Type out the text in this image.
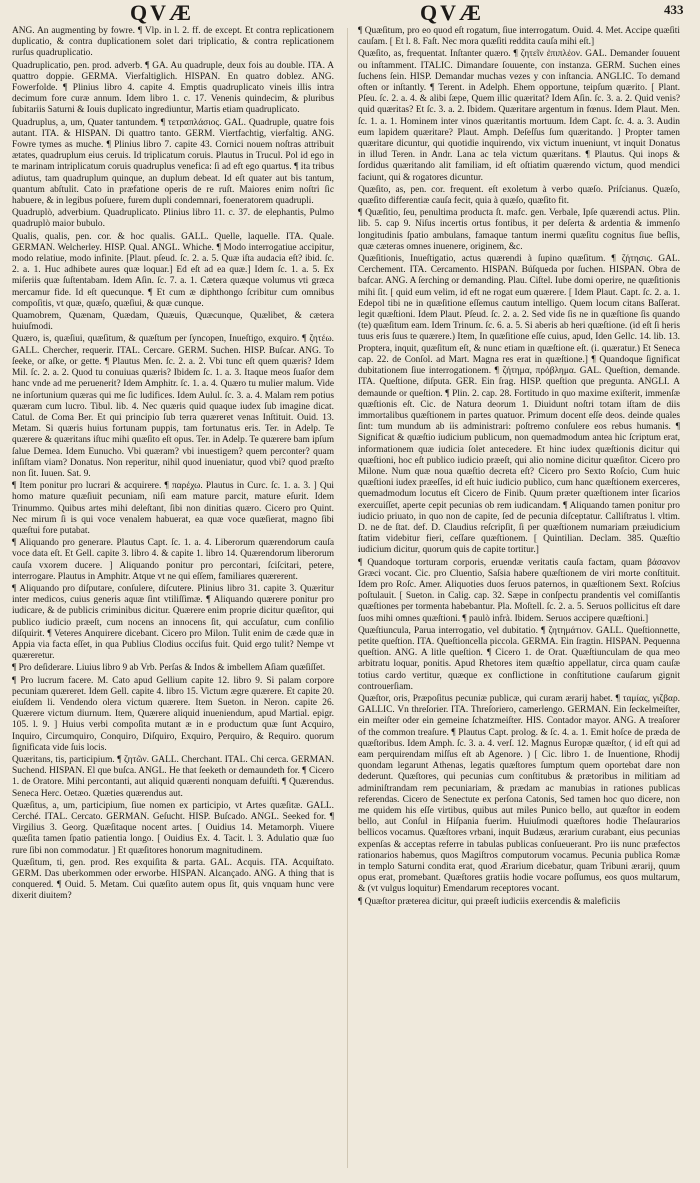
QVÆ	QVÆ	433

ANG. An augmenting by fowre. ¶ Vlp. in l. 2. ff. de except. Et contra replicationem duplicatio, & contra duplicationem solet dari triplicatio, & contra replicationem rurſus quadruplicatio.

Quadruplicatio, pen. prod. adverb. ¶ GA. Au quadruple, deux fois au double. ITA. A quattro doppie. GERMA. Vierfaltiglich. HISPAN. En quatro doblez. ANG. Fowerfolde. ¶ Plinius libro 4. capite 4. Emptis quadruplicato vineis illis intra decimum fore curæ annum. Idem libro 1. c. 17. Venenis quindecim, & pluribus ſubitariis Saturni & Iouis duplicato ingrediuntur, Martis etiam quadruplicato.

Quadruplus, a, um, Quater tantundem. ¶ τετραπλάσιος. GAL. Quadruple, quatre fois autant. ITA. & HISPAN. Di quattro tanto. GERM. Viertfachtig, vierfaltig. ANG. Fowre tymes as muche. ¶ Plinius libro 7. capite 43. Cornici nouem noſtras attribuit ætates, quadruplum eius ceruis. Id triplicatum coruis. Plautus in Trucul. Pol id ego in te marinam intriplicatum coruis quadruplus venefica: ſi ad eft ego quartus. ¶ ita tribus adiutus, tam quadruplum quinque, an duplum debeat. Id eſt quater aut bis tantum, quantum abſtulit. Cato in præfatione operis de re ruſt. Maiores enim noſtri ſic habuere, & in legibus poſuere, furem dupli condemnari, foeneratorem quadrupli.

Quadruplò, adverbium. Quadruplicato. Plinius libro 11. c. 37. de elephantis, Pulmo quadruplò maior bubulo.

Qualis, qualis, pen. cor. & hoc qualis. GALL. Quelle, laquelle. ITA. Quale. GERMAN. Welcherley. HISP. Qual. ANGL. Whiche. ¶ Modo interrogatiue accipitur, modo relatiue, modo infinite. [Plaut. pſeud. ſc. 2. a. 5. Quæ iſta audacia eſt? ibid. ſc. 2. a. 1. Huc adhibete aures quæ loquar.] Ed eſt ad ea quæ.] Idem ſc. 1. a. 5. Ex miſeriis quæ ſuſtentabam. Idem Aſin. ſc. 7. a. 1. Cætera quæque volumus vti græca mercamur fide. Id eſt quecunque. ¶ Et cum æ diphthongo ſcribitur cum omnibus compoſitis, vt quæ, quæſo, quæſiui, & quæ cunque.

Quamobrem, Quænam, Quædam, Quæuis, Quæcunque, Quælibet, & cætera huiuſmodi.

Quæro, is, quæſiui, quæſitum, & quæſtum per ſyncopen, Inueſtigo, exquiro. ¶ ζητέω. GALL. Chercher, requerir. ITAL. Cercare. GERM. Suchen. HISP. Buſcar. ANG. To ſeeke, or aſke, or gette. ¶ Plautus Men. ſc. 2. a. 2. Vbi tunc eſt quem quæris? Idem Mil. ſc. 2. a. 2. Quod tu conuiuas quæris? Ibidem ſc. 1. a. 3. Itaque meos ſuaſor dem hanc vnde ad me peruenerit? Idem Amphitr. ſc. 1. a. 4. Quæro tu mulier malum. Vide ne inſortunium quæras qui me ſic ludifices. Idem Aulul. ſc. 3. a. 4. Malam rem potius quæram cum lucro. Tibul. lib. 4. Nec quæris quid quaque iudex ſub imagine dicat. Catul. de Coma Ber. Et qui principio ſub terra quæreret venas Inſtituit. Ouid. 13. Metam. Si quæris huius fortunam puppis, tam fortunatus eris. Ter. in Adelp. Te quærere & quæritans iſtuc mihi quæſito eſt opus. Ter. in Adelp. Te quærere bam ipſum ſalue Demea. Idem Eunucho. Vbi quæram? vbi inuestigem? quem perconter? quam inſiſtam viam? Donatus. Non reperitur, nihil quod inueniatur, quod vbi? quod præſto non ſit. Iuuen. Sat. 9.

¶ Item ponitur pro lucrari & acquirere. ¶ παρέχω. Plautus in Curc. ſc. 1. a. 3. ] Qui homo mature quæſiuit pecuniam, niſi eam mature parcit, mature eſurit. Idem Trinummo. Quibus artes mihi deleſtant, ſibi non dinitias quæro. Cicero pro Quint. Nec mirum ſi is qui voce venalem habuerat, ea quæ voce quæſierat, magno ſibi quæſtui fore putabat.

¶ Aliquando pro generare. Plautus Capt. ſc. 1. a. 4. Liberorum quærendorum cauſa voce data eſt. Et Gell. capite 3. libro 4. & capite 1. libro 14. Quærendorum liberorum cauſa vxorem ducere. ] Aliquando ponitur pro percontari, ſciſcitari, petere, interrogare. Plautus in Amphitr. Atque vt ne qui eſſem, familiares quærerent.

¶ Aliquando pro diſputare, conſulere, diſcutere. Plinius libro 31. capite 3. Quæritur inter medicos, cuius generis aquæ ſint vtiliſſimæ. ¶ Aliquando quærere ponitur pro iudicare, & de publicis criminibus dicitur. Quærere enim proprie dicitur quæſitor, qui publico iudicio præeſt, cum nocens an innocens ſit, qui accuſatur, cum conſilio diſquirit. ¶ Veteres Anquirere dicebant. Cicero pro Milon. Tulit enim de cæde quæ in Appia via facta eſſet, in qua Publius Clodius occiſus fuit. Quid ergo tulit? Nempe vt quæreretur.

¶ Pro deſiderare. Liuius libro 9 ab Vrb. Perſas & Indos & imbellem Aſiam quæſiſſet.

¶ Pro lucrum facere. M. Cato apud Gellium capite 12. libro 9. Si palam corpore pecuniam quæreret. Idem Gell. capite 4. libro 15. Victum ægre quærere. Et capite 20. eiuſdem li. Vendendo olera victum quærere. Item Sueton. in Neron. capite 26. Quærere victum diurnum. Item, Quærere aliquid inueniendum, apud Martial. epigr. 105. l. 9. ] Huius verbi compoſita mutant æ in e productum quæ ſunt Acquiro, Inquiro, Circumquiro, Conquiro, Diſquiro, Exquiro, Perquiro, & Requiro. quorum ſignificata vide ſuis locis.

Quæritans, tis, participium. ¶ ζητῶν. GALL. Cherchant. ITAL. Chi cerca. GERMAN. Suchend. HISPAN. El que buſca. ANGL. He that ſeeketh or demaundeth for. ¶ Cicero 1. de Oratore. Mihi percontanti, aut aliquid quærenti nonquam defuiſti. ¶ Quærendus. Seneca Herc. Oetæo. Quæties quærendus aut.

Quæſitus, a, um, participium, ſiue nomen ex participio, vt Artes quæſitæ. GALL. Cerché. ITAL. Cercato. GERMAN. Geſucht. HISP. Buſcado. ANGL. Seeked for. ¶ Virgilius 3. Georg. Quæſitaque nocent artes. [ Ouidius 14. Metamorph. Viuere quæſita tamen ſpatio patientia longo. [ Ouidius Ex. 4. Tacit. l. 3. Adulatio quæ ſuo rure ſibi non commodatur. ] Et quæſitores honorum magnitudinem.

Quæſitum, ti, gen. prod. Res exquiſita & parta. GAL. Acquis. ITA. Acquiſtato. GERM. Das uberkommen oder erworbe. HISPAN. Alcançado. ANG. A thing that is conquered. ¶ Ouid. 5. Metam. Cui quæſito autem opus ſit, quis vnquam hunc vere dixerit diuitem?

¶ Quæſitum, pro eo quod eſt rogatum, ſiue interrogatum. Ouid. 4. Met. Accipe quæſiti cauſam. [ Et l. 8. Faſt. Nec mora quæſiti reddita cauſa mihi eſt.]

Quæſito, as, frequentat. Inſtanter quæro. ¶ ζητεῖν ἐπιπλέον. GAL. Demander ſouuent ou inſtamment. ITALIC. Dimandare ſouuente, con instanza. GERM. Suchen eines ſuchens ſein. HISP. Demandar muchas vezes y con inſtancia. ANGLIC. To demand often or inſtantly. ¶ Terent. in Adelph. Ehem opportune, teipſum quærito. [ Plant. Pſeu. ſc. 2. a. 4. & alibi ſæpe, Quem illic quæritat? Idem Aſin. ſc. 3. a. 2. Quid venis? quid quæritas? Et ſc. 3. a. 2. Ibidem. Quæritare argentum in fœnus. Idem Plaut. Men. ſc. 1. a. 1. Hominem inter vinos quæritantis mortuum. Idem Capt. ſc. 4. a. 3. Audin eum lapidem quæritare? Plaut. Amph. Deſeſſus ſum quæritando. ] Propter tamen quæritare dicuntur, qui quotidie inquirendo, vix victum inueniunt, vt inquit Donatus in illud Teren. in Andr. Lana ac tela victum quæritans. ¶ Plautus. Qui inops & ſordidus quæritando alit familiam, id eſt oſtiatim quærendo victum, quod mendici faciunt, qui & rogatores dicuntur.

Quæſito, as, pen. cor. frequent. eſt exoletum à verbo quæſo. Priſcianus. Quæſo, quæſito differentiæ cauſa fecit, quia à quæſo, quæſito fit.

¶ Quæſitio, ſeu, penultima producta ſt. mafc. gen. Verbale, Ipſe quærendi actus. Plin. lib. 5. cap 9. Niſus incertis ortus fontibus, it per deſerta & ardentia & immenſo longitudinis ſpatio ambulans, famaque tantum inermi quæſitu cognitus ſiue beſlis, quæ cæteras omnes inuenere, originem, &c.

Quæſitionis, Inueſtigatio, actus quærendi à ſupino quæſitum. ¶ ζήτησις. GAL. Cerchement. ITA. Cercamento. HISPAN. Búſqueda por ſuchen. HISPAN. Obra de bafcar. ANG. A ſerching or demanding. Plau. Ciſtel. Iube domi operire, ne quæſitionis mihi ſit. [ quid eum velim, id eft ne rogat eum quærere. [ Idem Plaut. Capt. ſc. 2. a. 1. Edepol tibi ne in quæſitione eſſemus cautum intelligo. Quem locum citans Baſſerat. legit quæſtioni. Idem Plaut. Pſeud. ſc. 2. a. 2. Sed vide ſis ne in quæſtione ſis quando (te) quæſitum eam. Idem Trinum. ſc. 6. a. 5. Si aberis ab heri quæſtione. (id eſt ſi heris tuus eris ſuus te quærere.) Item, In quæſitione eſſe cuius, apud, Iden Gellc. 14. lib. 13. Proptera, inquit, quæſitum eſt, & nunc etiam in quæſtione eſt. (i. quæratur.) Et Seneca cap. 22. de Conſol. ad Mart. Magna res erat in quæſtione.] ¶ Quandoque ſignificat dubitationem ſiue interrogationem. ¶ ζήτημα, πρόβλημα. GAL. Queſtion, demande. ITA. Queſtione, diſputa. GER. Ein ſrag. HISP. queſtion que pregunta. ANGLI. A demaunde or queſtion. ¶ Plin. 2. cap. 28. Fortitudo in quo maxime exiſterit, immenſæ quæſtionis eſt. Cic. de Natura deorum 1. Diuidunt noſtri totam iſtam de diis immortalibus quæſtionem in partes quatuor. Primum docent eſſe deos. deinde quales ſint: tum mundum ab iis administrari: poſtremo conſulere eos rebus humanis. ¶ Significat & quæſtio iudicium publicum, non quemadmodum antea hic ſcriptum erat, informationem quæ iudicia ſolet antecedere. Et hinc iudex quæſtionis dicitur qui quæſtioni, hoc eſt publico iudicio præeſt, qui alio nomine dicitur quæſitor. Cicero pro Milone. Num quæ noua quæſtio decreta eſt? Cicero pro Sexto Roſcio, Cum huic quæſtioni iudex præeſſes, id eſt huic iudicio publico, cum hanc quæſtionem exerceres, quemadmodum locutus eſt Cicero de Finib. Quum præter quæſtionem inter ſicarios exercuiſſet, aperte cepit pecunias ob rem iudicandam. ¶ Aliquando tamen ponitur pro iudicio priuato, in quo non de capite, ſed de pecunia diſceptatur. Calliſtratus l. vltim. D. ne de ſtat. def. D. Claudius reſcripſit, ſi per quæſtionem numariam præiudicium ſtatim videbitur fieri, ceſſare quæſtionem. [ Quintilian. Declam. 385. Quæſtio iudicium dicitur, quorum quis de capite tortitur.]

¶ Quandoque torturam corporis, eruendæ veritatis cauſa factam, quam βάσανον Græci vocant. Cic. pro Cluentio, Saſsia habere quæſtionem de viri morte conſtituit. Idem pro Roſc. Amer. Aliquoties duos ſeruos paternos, in quæſtionem Sext. Roſcius poſtulauit. [ Sueton. in Calig. cap. 32. Sæpe in conſpectu prandentis vel comiſſantis quæſtiones per tormenta habebantur. Pla. Moſtell. ſc. 2. a. 5. Seruos pollicitus eſt dare ſuos mihi omnes quæſtioni. ¶ paulò infrà. Ibidem. Seruos accipere quæſtioni.]

Quæſtiuncula, Parua interrogatio, vel dubitatio. ¶ ζητημάτιον. GALL. Queſtionnette, petite queſtion. ITA. Queſtioncella piccola. GERMA. Ein ſragtin. HISPAN. Pequenna queſtion. ANG. A litle queſtion. ¶ Cicero 1. de Orat. Quæſtiunculam de qua meo arbitratu loquar, ponitis. Apud Rhetores item quæſtio appellatur, circa quam cauſæ totius cardo vertitur, quæque ex conflictione in conſtitutione cauſarum gignit controuerſiam.

Quæſtor, oris, Præpoſitus pecuniæ publicæ, qui curam ærarij habet. ¶ ταμίας, γιζβαρ. GALLIC. Vn threſorier. ITA. Threſoriero, camerlengo. GERMAN. Ein ſeckelmeiſter, ein meiſter oder ein gemeine ſchatzmeiſter. HIS. Contador mayor. ANG. A treaſorer of the common treaſure. ¶ Plautus Capt. prolog. & ſc. 4. a. 1. Emit hoſce de præda de quæſtoribus. Idem Amph. ſc. 3. a. 4. verſ. 12. Magnus Europæ quæſtor, ( id eſt qui ad eam perquirendam miſſus eſt ab Agenore. ) [ Cic. libro 1. de Inuentione, Rhodij quondam legarunt Athenas, legatis quæſtores ſumptum quem oportebat dare non dederunt. Quæſtores, qui pecunias cum conſtitubus & prætoribus in militiam ad adminiſtrandam rem pecuniariam, & prædam ac manubias in rationes publicas referendas. Cicero de Senectute ex perſona Catonis, Sed tamen hoc quo dicere, non me quidem his eſſe virtibus, quibus aut miles Punico bello, aut quæſtor in eodem bello, aut Conſul in Hiſpania fuerim. Huiuſmodi quæſtores hodie Theſaurarios bellicos vocamus. Quæſtores vrbani, inquit Budæus, ærarium curabant, eius pecunias expenſas & acceptas referre in tabulas publicas conſueuerant. Pro iis nunc præfectos rationarios habemus, quos Magiſtros computorum vocamus. Pecunia publica Romæ in templo Saturni condita erat, quod Ærarium dicebatur, quam Tribuni ærarij, quum opus erat, promebant. Quæſtores gratiis hodie vocare poſſumus, eos quos multarum, & (vt vulgus loquitur) Emendarum receptores vocant.

¶ Quæſtor præterea dicitur, qui præeſt iudiciis exercendis & maleficiis
